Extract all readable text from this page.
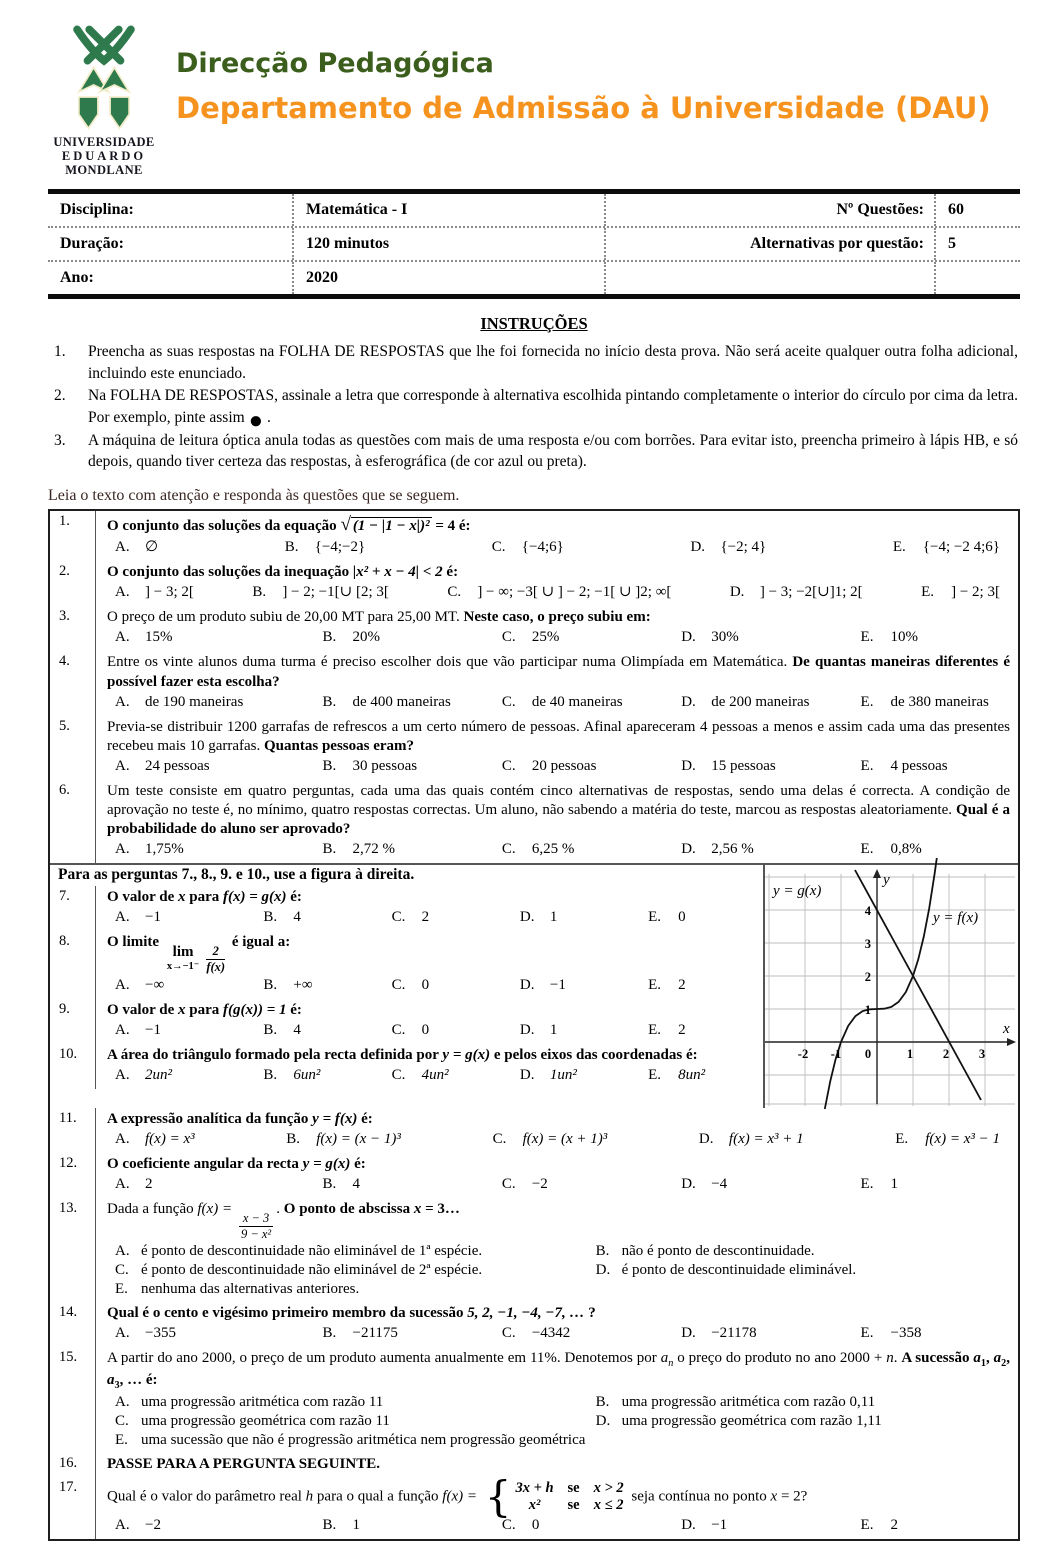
UNIVERSIDADE
EDUARDO
MONDLANE
Direcção Pedagógica
Departamento de Admissão à Universidade (DAU)
Disciplina:	Matemática - I	Nº Questões:	60
Duração:	120 minutos	Alternativas por questão:	5
Ano:	2020
INSTRUÇÕES
1.	Preencha as suas respostas na FOLHA DE RESPOSTAS que lhe foi fornecida no início desta prova. Não será aceite qualquer outra folha adicional, incluindo este enunciado.
2.	Na FOLHA DE RESPOSTAS, assinale a letra que corresponde à alternativa escolhida pintando completamente o interior do círculo por cima da letra. Por exemplo, pinte assim ● .
3.	A máquina de leitura óptica anula todas as questões com mais de uma resposta e/ou com borrões. Para evitar isto, preencha primeiro à lápis HB, e só depois, quando tiver certeza das respostas, à esferográfica (de cor azul ou preta).
Leia o texto com atenção e responda às questões que se seguem.
1.	O conjunto das soluções da equação √ (1 − |1 − x|)² = 4 é:
A. ∅	B. {−4;−2}	C. {−4;6}	D. {−2; 4}	E. {−4; −2 4;6}
2.	O conjunto das soluções da inequação |x² + x − 4| < 2 é:
A. ] − 3; 2[	B. ] − 2; −1[∪ [2; 3[	C. ] − ∞; −3[ ∪ ] − 2; −1[ ∪ ]2; ∞[	D. ] − 3; −2[∪]1; 2[	E. ] − 2; 3[
3.	O preço de um produto subiu de 20,00 MT para 25,00 MT. Neste caso, o preço subiu em:
A. 15%	B. 20%	C. 25%	D. 30%	E. 10%
4.	Entre os vinte alunos duma turma é preciso escolher dois que vão participar numa Olimpíada em Matemática. De quantas maneiras diferentes é possível fazer esta escolha?
A. de 190 maneiras	B. de 400 maneiras	C. de 40 maneiras	D. de 200 maneiras	E. de 380 maneiras
5.	Previa-se distribuir 1200 garrafas de refrescos a um certo número de pessoas. Afinal apareceram 4 pessoas a menos e assim cada uma das presentes recebeu mais 10 garrafas. Quantas pessoas eram?
A. 24 pessoas	B. 30 pessoas	C. 20 pessoas	D. 15 pessoas	E. 4 pessoas
6.	Um teste consiste em quatro perguntas, cada uma das quais contém cinco alternativas de respostas, sendo uma delas é correcta. A condição de aprovação no teste é, no mínimo, quatro respostas correctas. Um aluno, não sabendo a matéria do teste, marcou as respostas aleatoriamente. Qual é a probabilidade do aluno ser aprovado?
A. 1,75%	B. 2,72 %	C. 6,25 %	D. 2,56 %	E. 0,8%
Para as perguntas 7., 8., 9. e 10., use a figura à direita.
7.	O valor de x para f(x) = g(x) é:
A. −1	B. 4	C. 2	D. 1	E. 0
8.	O limite
lim
$x\to-1^- \frac{2}{f(x)}$
é igual a:
A. −∞	B. +∞	C. 0	D. −1	E. 2
9.	O valor de x para f(g(x)) = 1 é:
A. −1	B. 4	C. 0	D. 1	E. 2
10.	A área do triângulo formado pela recta definida por y = g(x) e pelos eixos das coordenadas é:
A. 2un²	B. 6un²	C. 4un²	D. 1un²	E. 8un²
4
3
2
1
-2 -1 0	1 2 3
y = g(x)
y = f(x)
y
x
11.	A expressão analítica da função y = f(x) é:
A. f(x) = x³	B. f(x) = (x − 1)³	C. f(x) = (x + 1)³	D. f(x) = x³ + 1	E. f(x) = x³ − 1
12.	O coeficiente angular da recta y = g(x) é:
A. 2	B. 4	C. −2	D. −4	E. 1
13.	Dada a função f(x) =
$\frac{x - 3}{\text{9 − x²}}$
. O ponto de abscissa x = 3…
A. é ponto de descontinuidade não eliminável de 1ª espécie.	B. não é ponto de descontinuidade.
C. é ponto de descontinuidade não eliminável de 2ª espécie.	D. é ponto de descontinuidade eliminável.
E. nenhuma das alternativas anteriores.
14.	Qual é o cento e vigésimo primeiro membro da sucessão 5, 2, −1, −4, −7, … ?
A. −355	B. −21175	C. −4342	D. −21178	E. −358
15.	A partir do ano 2000, o preço de um produto aumenta anualmente em 11%. Denotemos por $a_n$ o preço do produto no ano 2000 + n. A sucessão $a_1$, $a_2$, $a_3$, … é:
A. uma progressão aritmética com razão 11	B. uma progressão aritmética com razão 0,11
C. uma progressão geométrica com razão 11	D. uma progressão geométrica com razão 1,11
E. uma sucessão que não é progressão aritmética nem progressão geométrica
16.	PASSE PARA A PERGUNTA SEGUINTE.
17.
Qual é o valor do parâmetro real h para o qual a função f(x) =
{ 3x + h se x > 2
x²	se x ≤ 2
seja contínua no ponto x = 2?
A. −2	B. 1	C. 0	D. −1	E. 2
